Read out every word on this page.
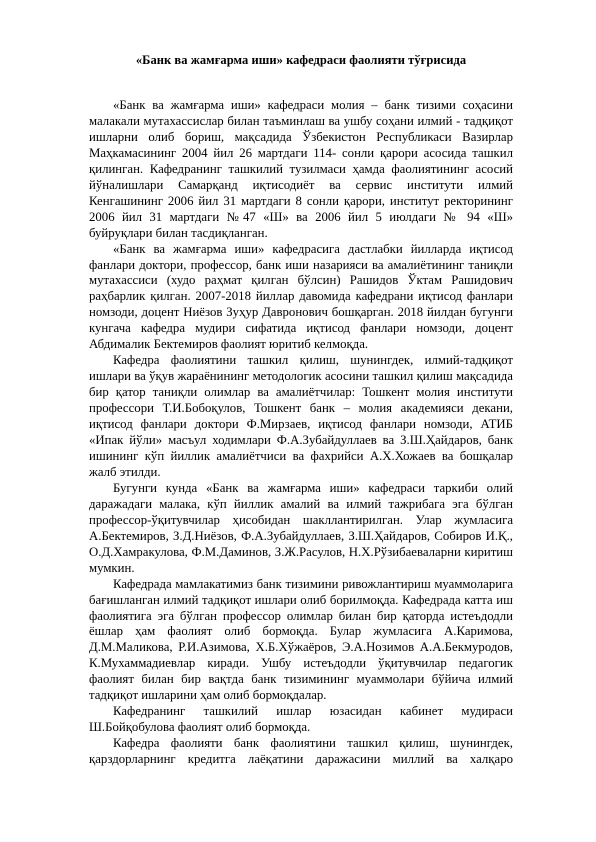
«Банк ва жамғарма иши» кафедраси фаолияти тўғрисида

«Банк ва жамғарма иши» кафедраси молия – банк тизими соҳасини малакали мутахассислар билан таъминлаш ва ушбу соҳани илмий - тадқиқот ишларни олиб бориш, мақсадида Ўзбекистон Республикаси Вазирлар Маҳкамасининг 2004 йил 26 мартдаги 114- сонли қарори асосида ташкил қилинган. Кафедранинг ташкилий тузилмаси ҳамда фаолиятининг асосий йўналишлари Самарқанд иқтисодиёт ва сервис институти илмий Кенгашининг 2006 йил 31 мартдаги 8 сонли қарори, институт ректорининг 2006 йил 31 мартдаги №47 «Ш» ва 2006 йил 5 июлдаги № 94 «Ш» буйруқлари билан тасдиқланган.

«Банк ва жамғарма иши» кафедрасига дастлабки йилларда иқтисод фанлари доктори, профессор, банк иши назарияси ва амалиётининг таниқли мутахассиси (худо раҳмат қилган бўлсин) Рашидов Ўктам Рашидович раҳбарлик қилган. 2007-2018 йиллар давомида кафедрани иқтисод фанлари номзоди, доцент Ниёзов Зуҳур Давронович бошқарган. 2018 йилдан бугунги кунгача кафедра мудири сифатида иқтисод фанлари номзоди, доцент Абдималик Бектемиров фаолият юритиб келмоқда.

Кафедра фаолиятини ташкил қилиш, шунингдек, илмий-тадқиқот ишлари ва ўқув жараёнининг методологик асосини ташкил қилиш мақсадида бир қатор таниқли олимлар ва амалиётчилар: Тошкент молия институти профессори Т.И.Бобоқулов, Тошкент банк – молия академияси декани, иқтисод фанлари доктори Ф.Мирзаев, иқтисод фанлари номзоди, АТИБ «Ипак йўли» масъул ходимлари Ф.А.Зубайдуллаев ва З.Ш.Ҳайдаров, банк ишининг кўп йиллик амалиётчиси ва фахрийси А.Х.Хожаев ва бошқалар жалб этилди.

Бугунги кунда «Банк ва жамғарма иши» кафедраси таркиби олий даражадаги малака, кўп йиллик амалий ва илмий тажрибага эга бўлган профессор-ўқитувчилар ҳисобидан шакллантирилган. Улар жумласига А.Бектемиров, З.Д.Ниёзов, Ф.А.Зубайдуллаев, З.Ш.Ҳайдаров, Собиров И.Қ., О.Д.Хамракулова, Ф.М.Даминов, З.Ж.Расулов, Н.Х.Рўзибаеваларни киритиш мумкин.

Кафедрада мамлакатимиз банк тизимини ривожлантириш муаммоларига бағишланган илмий тадқиқот ишлари олиб борилмоқда. Кафедрада катта иш фаолиятига эга бўлган профессор олимлар билан бир қаторда истеъдодли ёшлар ҳам фаолият олиб бормоқда. Булар жумласига А.Каримова, Д.М.Маликова, Р.И.Азимова, Х.Б.Хўжаёров, Э.А.Нозимов А.А.Бекмуродов, К.Мухаммадиевлар киради. Ушбу истеъдодли ўқитувчилар педагогик фаолият билан бир вақтда банк тизимининг муаммолари бўйича илмий тадқиқот ишларини ҳам олиб бормоқдалар.

Кафедранинг ташкилий ишлар юзасидан кабинет мудираси Ш.Бойқобулова фаолият олиб бормоқда.

Кафедра фаолияти банк фаолиятини ташкил қилиш, шунингдек, қарздорларнинг кредитга лаёқатини даражасини миллий ва халқаро
